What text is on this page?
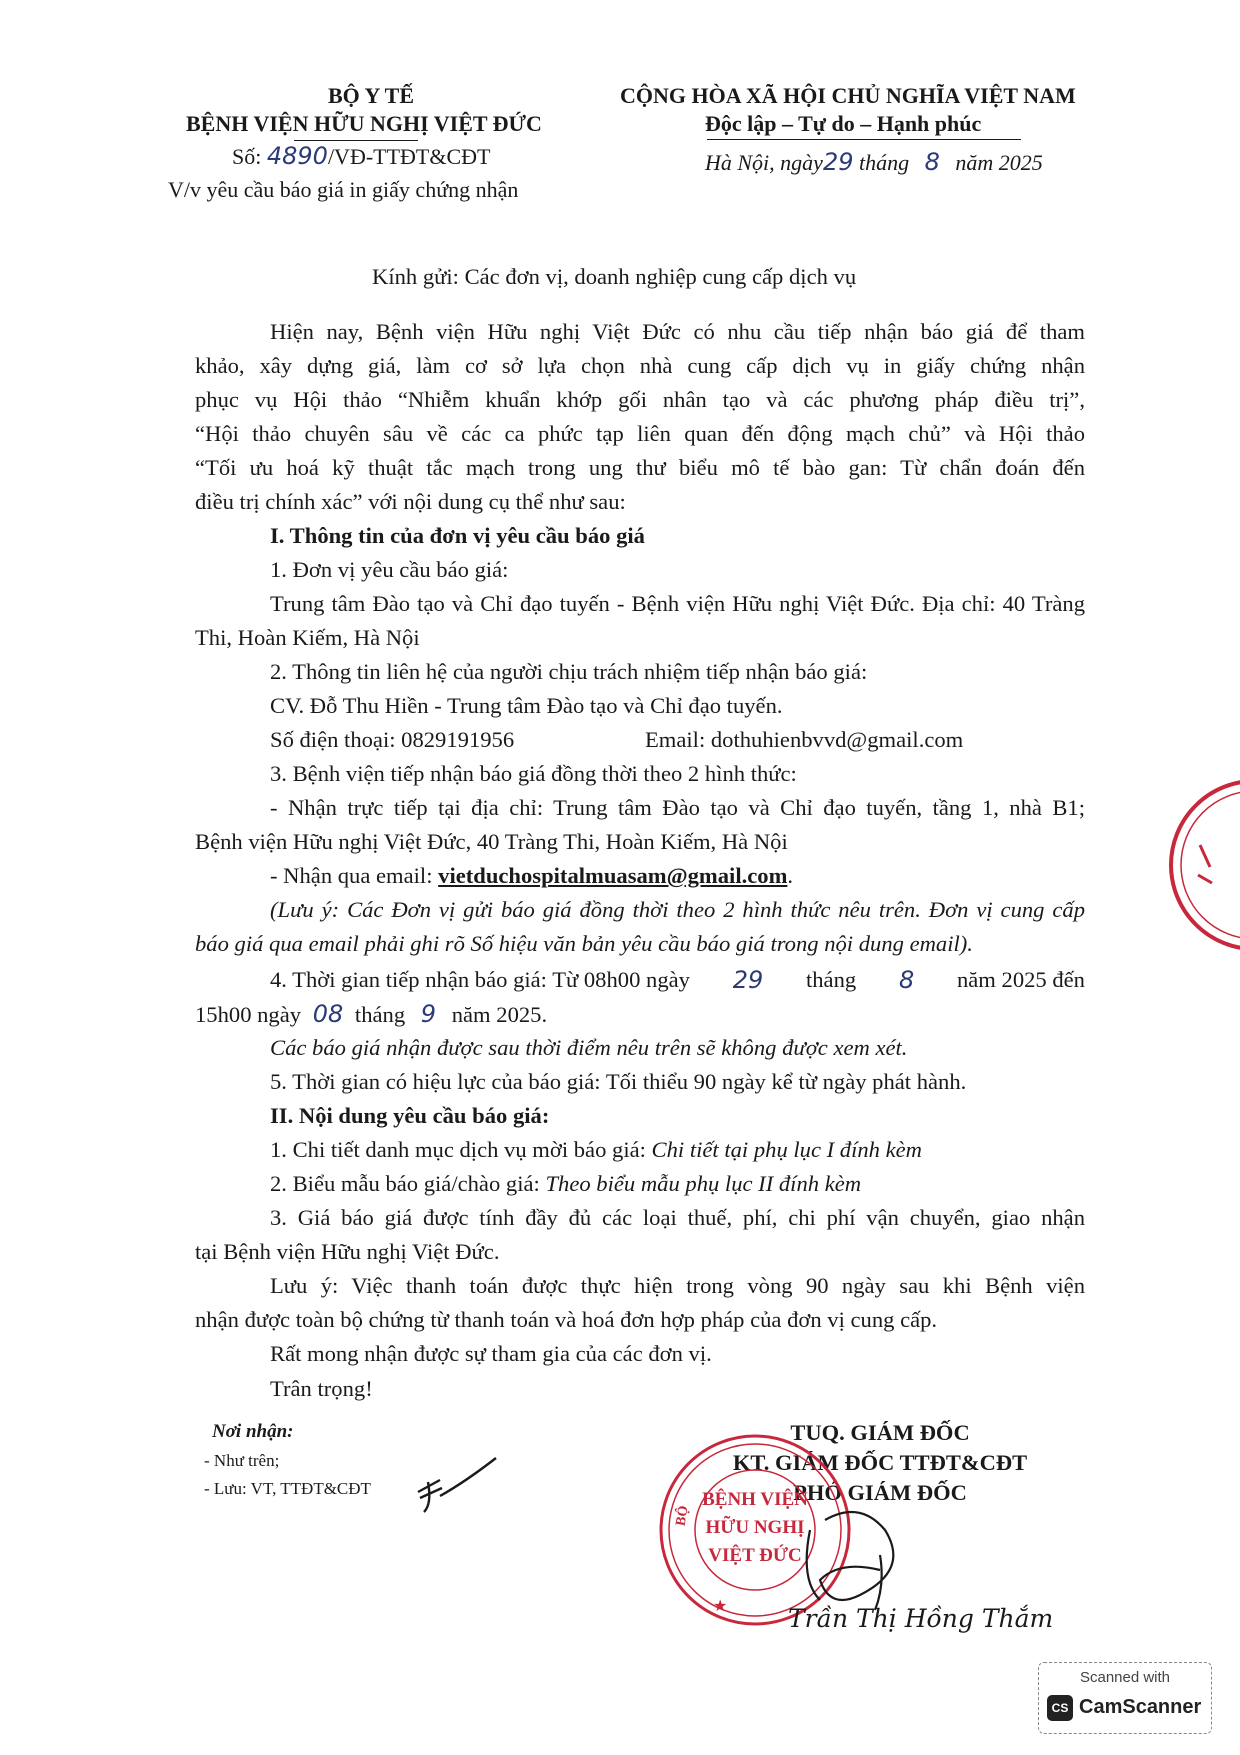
BỘ Y TẾ
BỆNH VIỆN HỮU NGHỊ VIỆT ĐỨC
Số: 4890/VĐ-TTĐT&CĐT
V/v yêu cầu báo giá in giấy chứng nhận
CỘNG HÒA XÃ HỘI CHỦ NGHĨA VIỆT NAM
Độc lập – Tự do – Hạnh phúc
Hà Nội, ngày29 tháng 8 năm 2025
Kính gửi: Các đơn vị, doanh nghiệp cung cấp dịch vụ
Hiện nay, Bệnh viện Hữu nghị Việt Đức có nhu cầu tiếp nhận báo giá để tham
khảo, xây dựng giá, làm cơ sở lựa chọn nhà cung cấp dịch vụ in giấy chứng nhận
phục vụ Hội thảo “Nhiễm khuẩn khớp gối nhân tạo và các phương pháp điều trị”,
“Hội thảo chuyên sâu về các ca phức tạp liên quan đến động mạch chủ” và Hội thảo
“Tối ưu hoá kỹ thuật tắc mạch trong ung thư biểu mô tế bào gan: Từ chẩn đoán đến
điều trị chính xác” với nội dung cụ thể như sau:
I. Thông tin của đơn vị yêu cầu báo giá
1. Đơn vị yêu cầu báo giá:
Trung tâm Đào tạo và Chỉ đạo tuyến - Bệnh viện Hữu nghị Việt Đức. Địa chỉ: 40 Tràng
Thi, Hoàn Kiếm, Hà Nội
2. Thông tin liên hệ của người chịu trách nhiệm tiếp nhận báo giá:
CV. Đỗ Thu Hiền - Trung tâm Đào tạo và Chỉ đạo tuyến.
Số điện thoại: 0829191956	Email: dothuhienbvvd@gmail.com
3. Bệnh viện tiếp nhận báo giá đồng thời theo 2 hình thức:
- Nhận trực tiếp tại địa chỉ: Trung tâm Đào tạo và Chỉ đạo tuyến, tầng 1, nhà B1;
Bệnh viện Hữu nghị Việt Đức, 40 Tràng Thi, Hoàn Kiếm, Hà Nội
- Nhận qua email: vietduchospitalmuasam@gmail.com.
(Lưu ý: Các Đơn vị gửi báo giá đồng thời theo 2 hình thức nêu trên. Đơn vị cung cấp
báo giá qua email phải ghi rõ Số hiệu văn bản yêu cầu báo giá trong nội dung email).
4. Thời gian tiếp nhận báo giá: Từ 08h00 ngày 29 tháng 8 năm 2025 đến
15h00 ngày 08 tháng 9 năm 2025.
Các báo giá nhận được sau thời điểm nêu trên sẽ không được xem xét.
5. Thời gian có hiệu lực của báo giá: Tối thiểu 90 ngày kể từ ngày phát hành.
II. Nội dung yêu cầu báo giá:
1. Chi tiết danh mục dịch vụ mời báo giá: Chi tiết tại phụ lục I đính kèm
2. Biểu mẫu báo giá/chào giá: Theo biểu mẫu phụ lục II đính kèm
3. Giá báo giá được tính đầy đủ các loại thuế, phí, chi phí vận chuyển, giao nhận
tại Bệnh viện Hữu nghị Việt Đức.
Lưu ý: Việc thanh toán được thực hiện trong vòng 90 ngày sau khi Bệnh viện
nhận được toàn bộ chứng từ thanh toán và hoá đơn hợp pháp của đơn vị cung cấp.
Rất mong nhận được sự tham gia của các đơn vị.
Trân trọng!
Nơi nhận:
- Như trên;
- Lưu: VT, TTĐT&CĐT
TUQ. GIÁM ĐỐC
KT. GIÁM ĐỐC TTĐT&CĐT
PHÓ GIÁM ĐỐC
BỘ
BỆNH VIỆN
HỮU NGHỊ
VIỆT ĐỨC
★ Trần Thị Hồng Thắm
Scanned with
CS CamScanner
